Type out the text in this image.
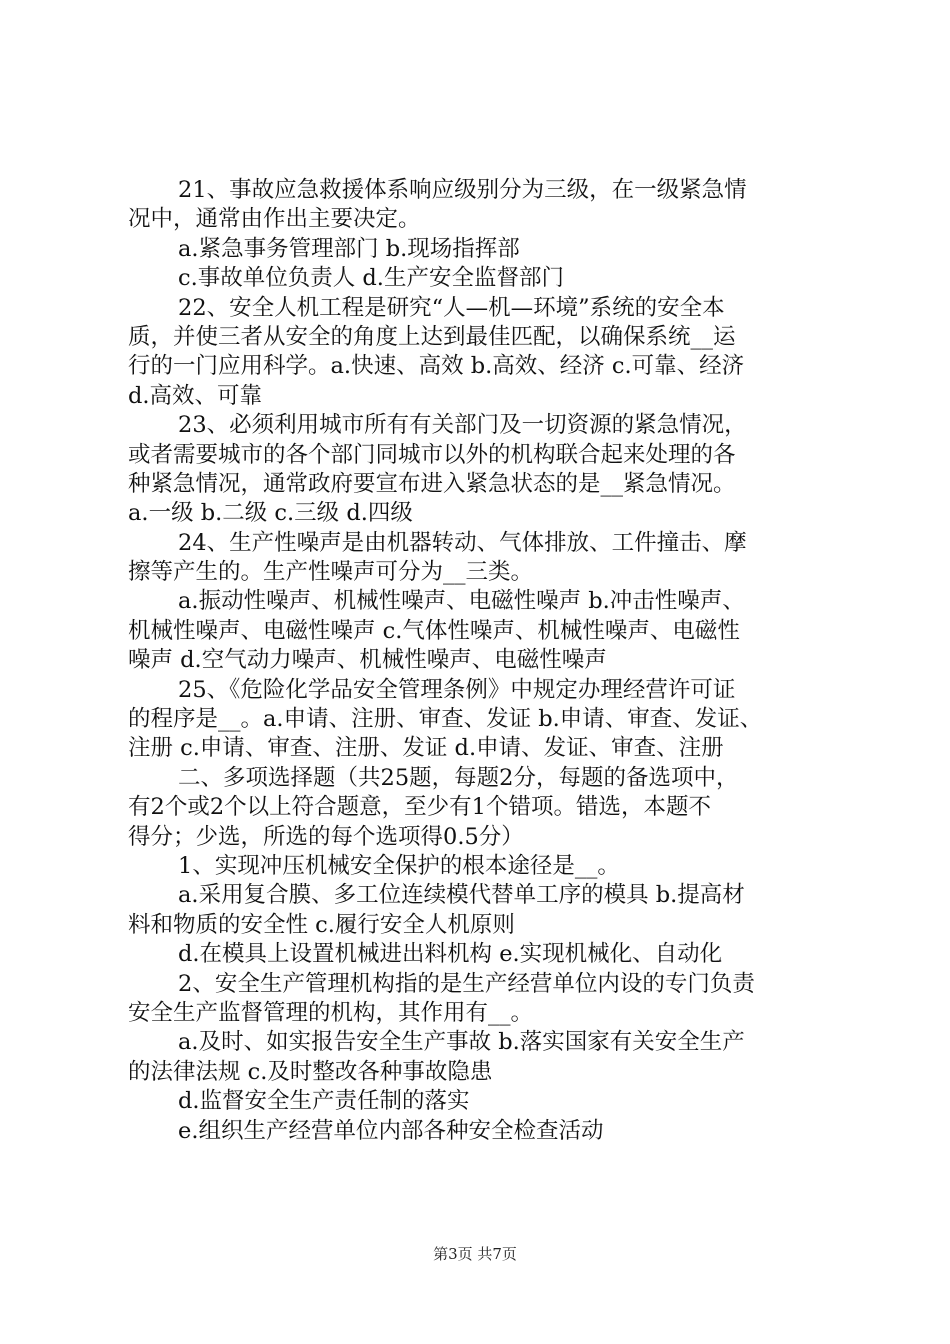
21、事故应急救援体系响应级别分为三级，在一级紧急情
况中，通常由作出主要决定。
a.紧急事务管理部门 b.现场指挥部
c.事故单位负责人 d.生产安全监督部门
22、安全人机工程是研究“人—机—环境”系统的安全本
质，并使三者从安全的角度上达到最佳匹配，以确保系统__运
行的一门应用科学。a.快速、高效 b.高效、经济 c.可靠、经济
d.高效、可靠
23、必须利用城市所有有关部门及一切资源的紧急情况，
或者需要城市的各个部门同城市以外的机构联合起来处理的各
种紧急情况，通常政府要宣布进入紧急状态的是__紧急情况。
a.一级 b.二级 c.三级 d.四级
24、生产性噪声是由机器转动、气体排放、工件撞击、摩
擦等产生的。生产性噪声可分为__三类。
a.振动性噪声、机械性噪声、电磁性噪声 b.冲击性噪声、
机械性噪声、电磁性噪声 c.气体性噪声、机械性噪声、电磁性
噪声 d.空气动力噪声、机械性噪声、电磁性噪声
25、《危险化学品安全管理条例》中规定办理经营许可证
的程序是__。a.申请、注册、审查、发证 b.申请、审查、发证、
注册 c.申请、审查、注册、发证 d.申请、发证、审查、注册
二、多项选择题（共25题，每题2分，每题的备选项中，
有2个或2个以上符合题意，至少有1个错项。错选，本题不
得分；少选，所选的每个选项得0.5分）
1、实现冲压机械安全保护的根本途径是__。
a.采用复合膜、多工位连续模代替单工序的模具 b.提高材
料和物质的安全性 c.履行安全人机原则
d.在模具上设置机械进出料机构 e.实现机械化、自动化
2、安全生产管理机构指的是生产经营单位内设的专门负责
安全生产监督管理的机构，其作用有__。
a.及时、如实报告安全生产事故 b.落实国家有关安全生产
的法律法规 c.及时整改各种事故隐患
d.监督安全生产责任制的落实
e.组织生产经营单位内部各种安全检查活动
第3页 共7页
